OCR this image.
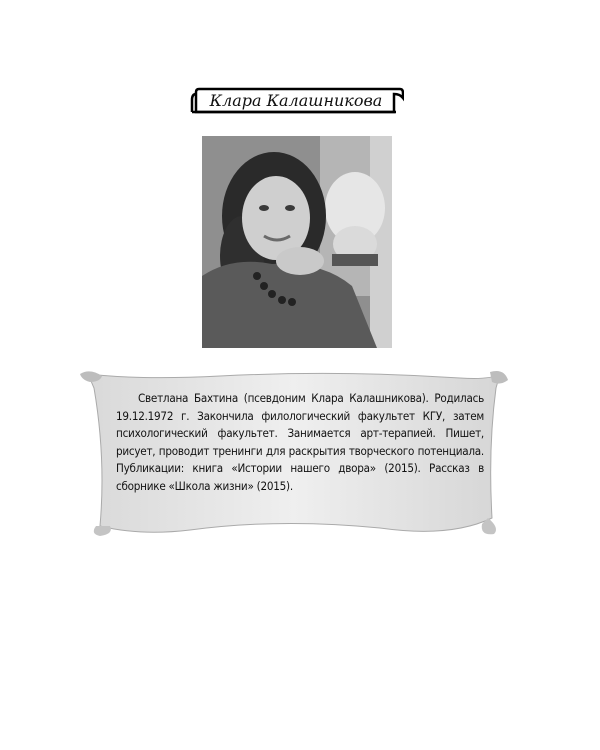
Клара Калашникова

Светлана Бахтина (псевдоним Клара Калашникова). Родилась 19.12.1972 г. Закончила филологический факультет КГУ, затем психологический факультет. Занимается арт-терапией. Пишет, рисует, проводит тренинги для раскрытия творческого потенциала. Публикации: книга «Истории нашего двора» (2015). Рассказ в сборнике «Школа жизни» (2015).
